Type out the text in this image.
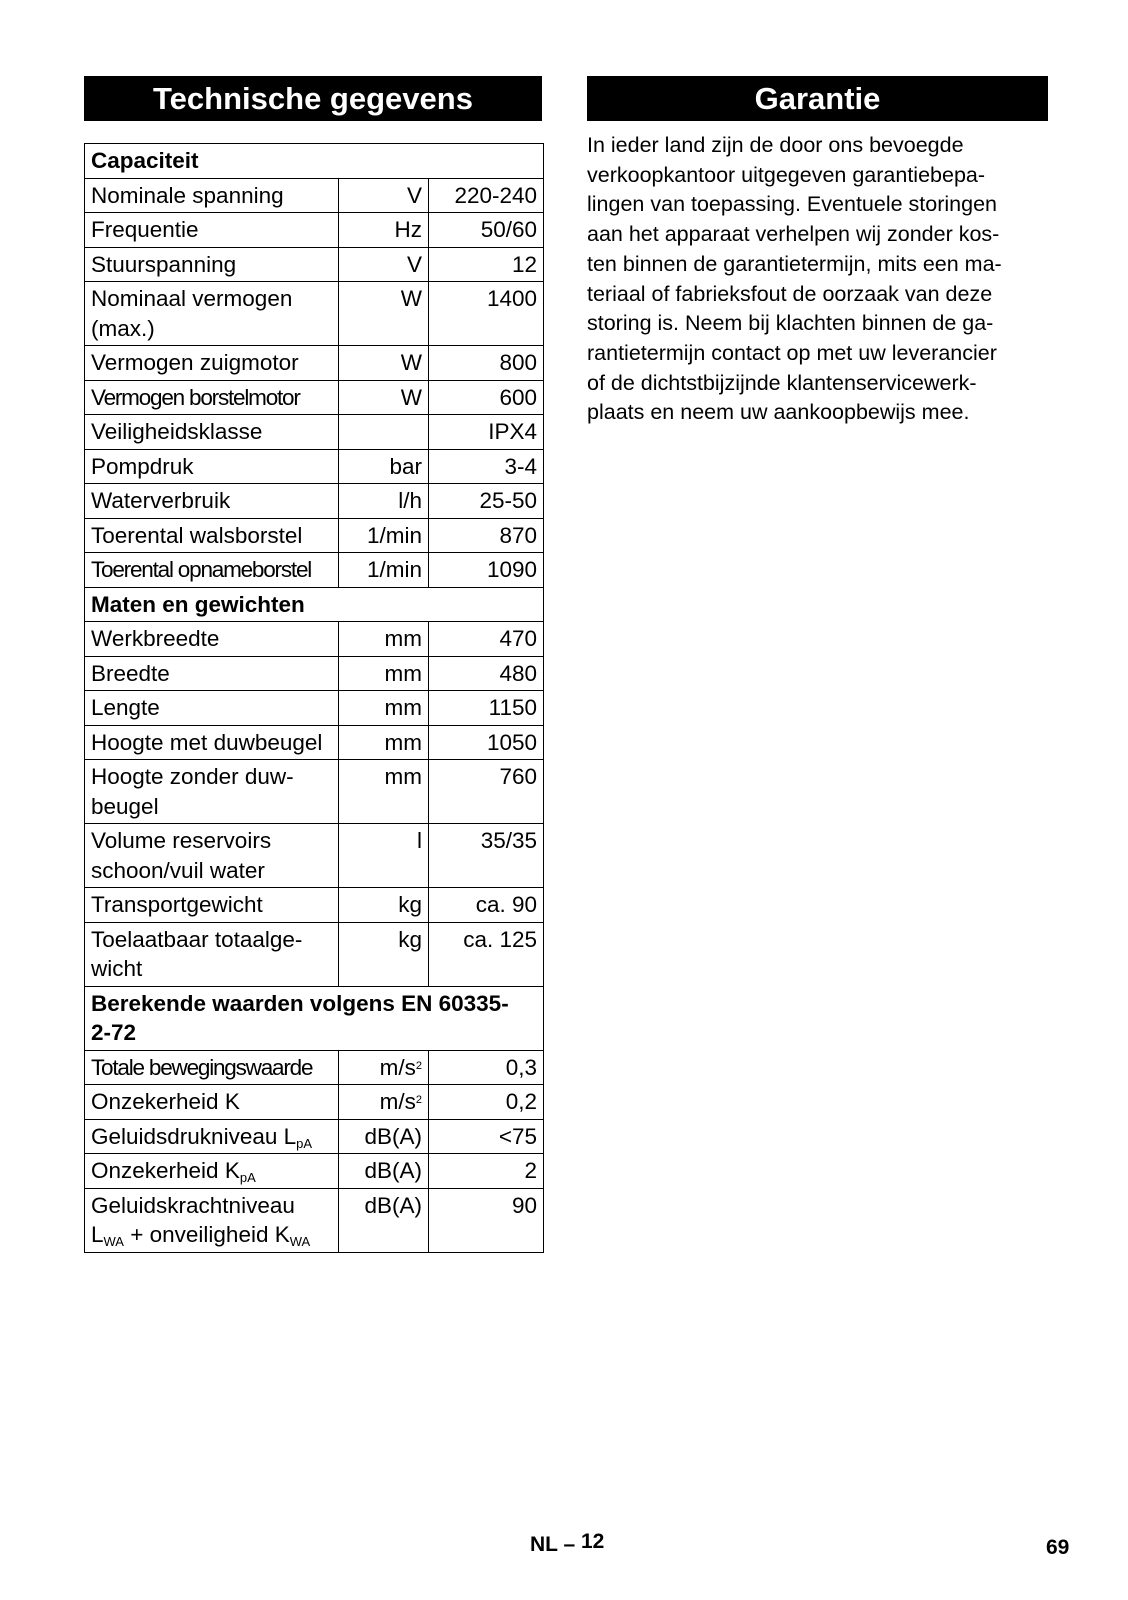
Technische gegevens	Garantie
Capaciteit		
Nominale spanning	V	220-240
Frequentie	Hz	50/60
Stuurspanning	V	12
Nominaal vermogen
(max.)	W	1400
Vermogen zuigmotor	W	800
Vermogen borstelmotor	W	600
Veiligheidsklasse		IPX4
Pompdruk	bar	3-4
Waterverbruik	l/h	25-50
Toerental walsborstel	1/min	870
Toerental opnameborstel	1/min	1090
Maten en gewichten		
Werkbreedte	mm	470
Breedte	mm	480
Lengte	mm	1150
Hoogte met duwbeugel	mm	1050
Hoogte zonder duw-
beugel	mm	760
Volume reservoirs
schoon/vuil water	l	35/35
Transportgewicht	kg	ca. 90
Toelaatbaar totaalge-
wicht	kg	ca. 125
Berekende waarden volgens EN 60335-
2-72		
Totale bewegingswaarde	$m/s^2$	0,3
Onzekerheid K	$m/s^2$	0,2
Geluidsdrukniveau $L_{pA}$	dB(A)	<75
Onzekerheid $K_{pA}$	dB(A)	2
Geluidskrachtniveau
$L_{WA}$ + onveiligheid $K_{WA}$	dB(A)	90
In ieder land zijn de door ons bevoegde
verkoopkantoor uitgegeven garantiebepa-
lingen van toepassing. Eventuele storingen
aan het apparaat verhelpen wij zonder kos-
ten binnen de garantietermijn, mits een ma-
teriaal of fabrieksfout de oorzaak van deze
storing is. Neem bij klachten binnen de ga-
rantietermijn contact op met uw leverancier
of de dichtstbijzijnde klantenservicewerk-
plaats en neem uw aankoopbewijs mee.
NL – 12	69
